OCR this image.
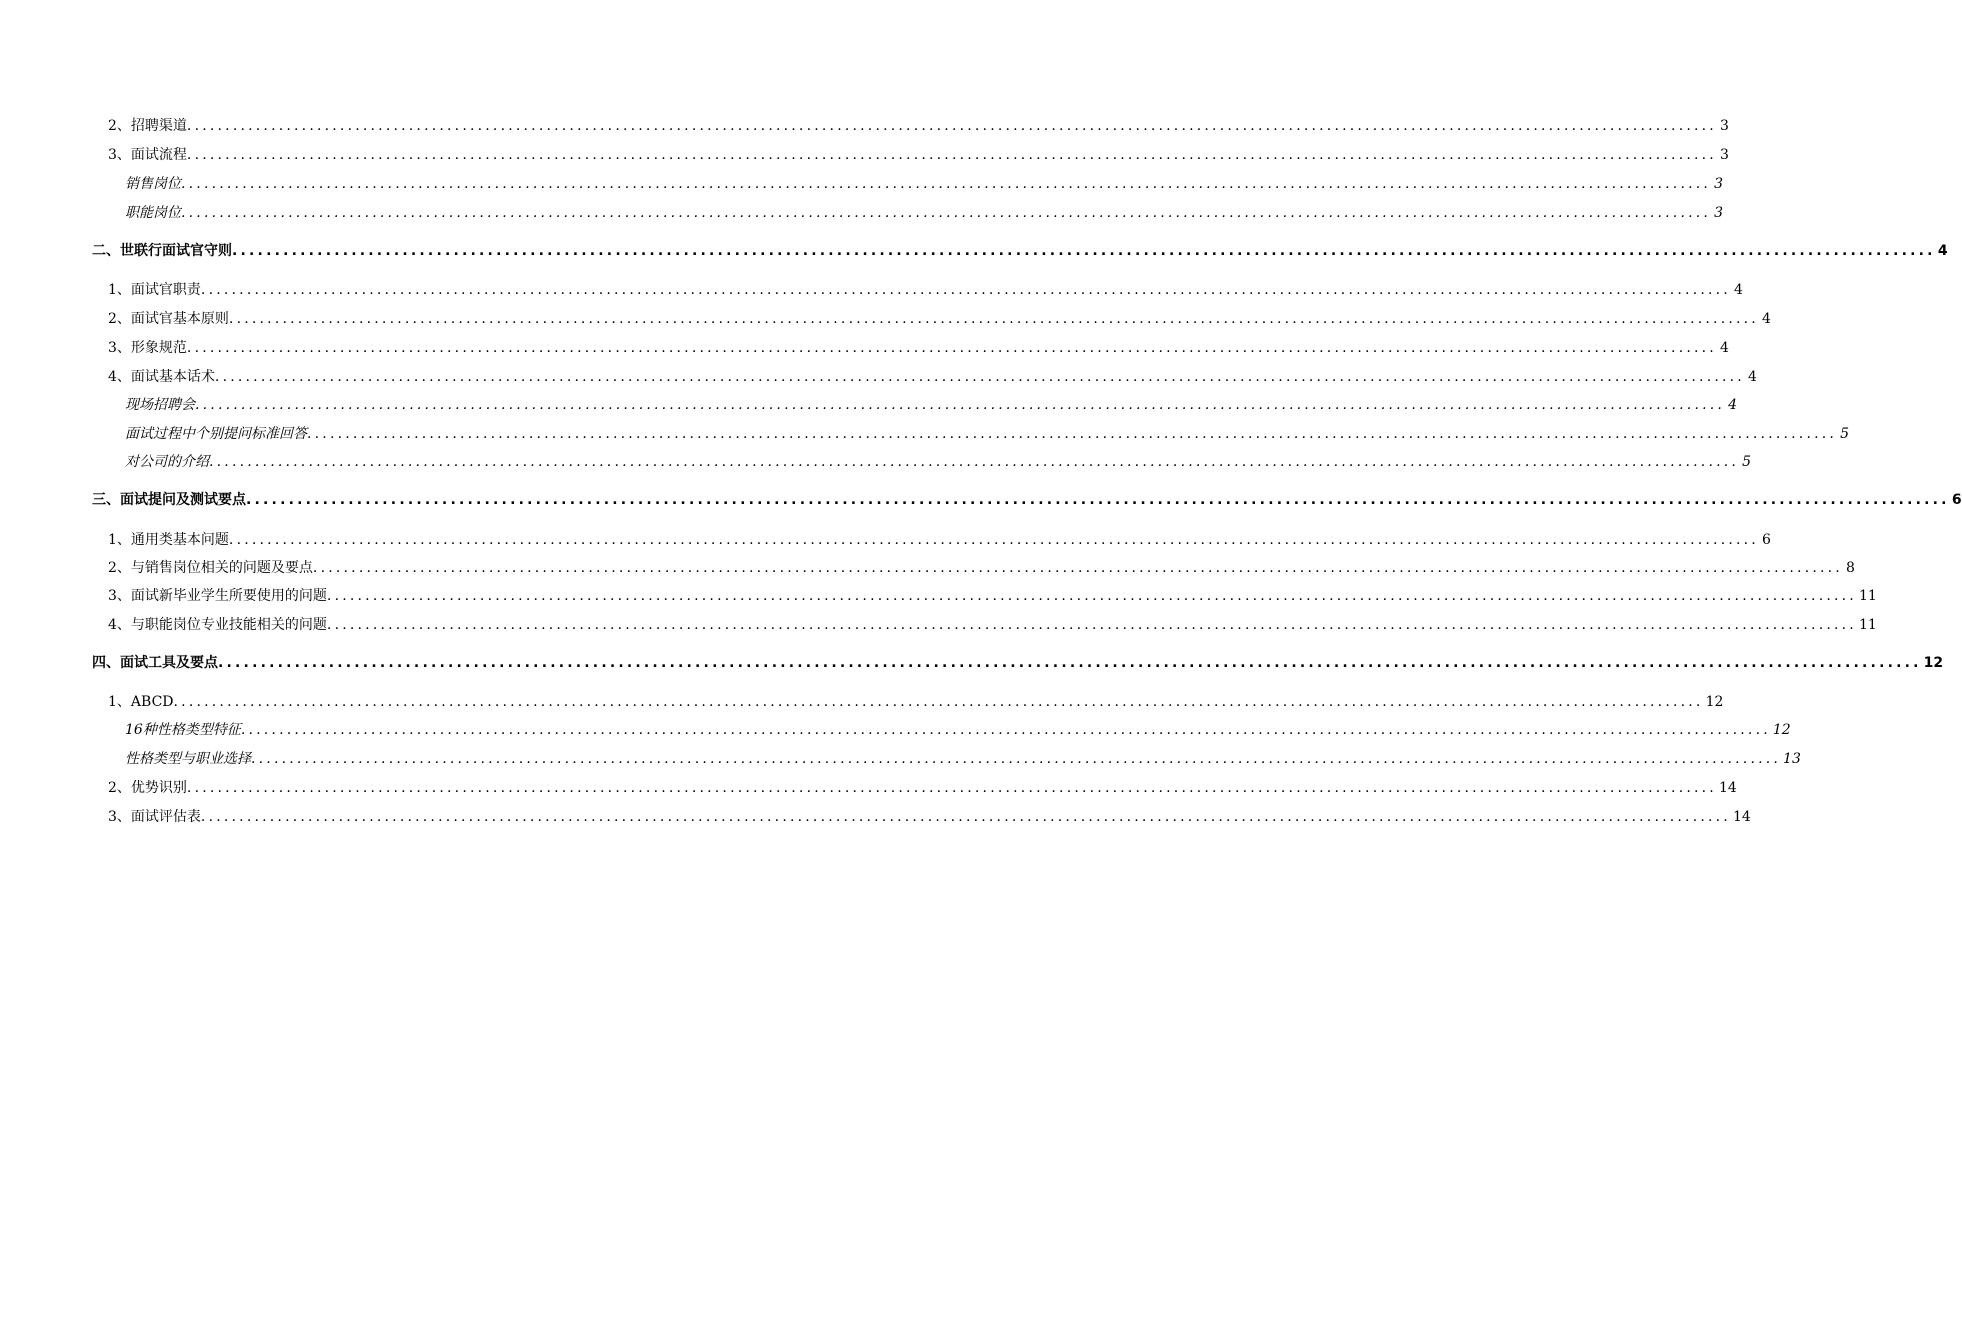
2、 招聘渠道 ........................................................................................................................................................................................................ 3
3、 面试流程 ........................................................................................................................................................................................................ 3
销售岗位 ........................................................................................................................................................................................................ 3
职能岗位 ........................................................................................................................................................................................................ 3
二、 世联行面试官守则 ........................................................................................................................................................................................................ 4
1、 面试官职责 ........................................................................................................................................................................................................ 4
2、 面试官基本原则 ........................................................................................................................................................................................................ 4
3、 形象规范 ........................................................................................................................................................................................................ 4
4、 面试基本话术 ........................................................................................................................................................................................................ 4
现场招聘会 ........................................................................................................................................................................................................ 4
面试过程中个别提问标准回答 ........................................................................................................................................................................................................ 5
对公司的介绍 ........................................................................................................................................................................................................ 5
三、 面试提问及测试要点 ........................................................................................................................................................................................................ 6
1、 通用类基本问题 ........................................................................................................................................................................................................ 6
2、 与销售岗位相关的问题及要点 ........................................................................................................................................................................................................ 8
3、 面试新毕业学生所要使用的问题 ........................................................................................................................................................................................................ 11
4、 与职能岗位专业技能相关的问题 ........................................................................................................................................................................................................ 11
四、 面试工具及要点 ........................................................................................................................................................................................................ 12
1、 ABCD ........................................................................................................................................................................................................ 12
16种性格类型特征 ........................................................................................................................................................................................................ 12
性格类型与职业选择 ........................................................................................................................................................................................................ 13
2、 优势识别 ........................................................................................................................................................................................................ 14
3、 面试评估表 ........................................................................................................................................................................................................ 14
